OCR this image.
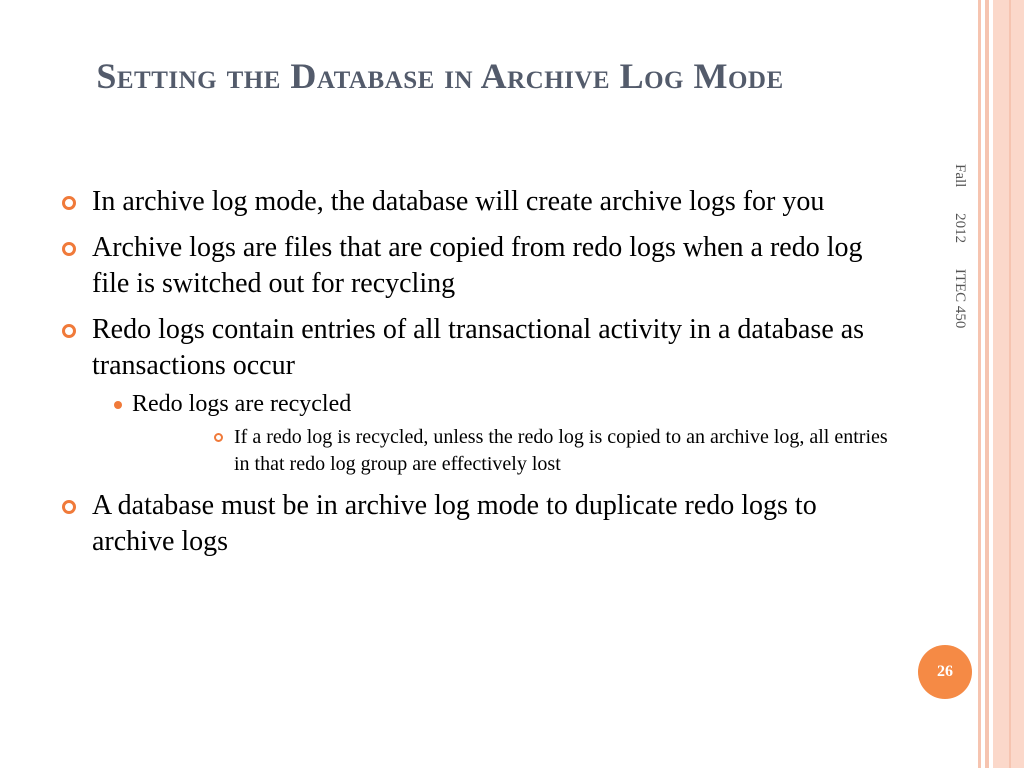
Setting the Database in Archive Log Mode
In archive log mode, the database will create archive logs for you
Archive logs are files that are copied from redo logs when a redo log file is switched out for recycling
Redo logs contain entries of all transactional activity in a database as transactions occur
Redo logs are recycled
If a redo log is recycled, unless the redo log is copied to an archive log, all entries in that redo log group are effectively lost
A database must be in archive log mode to duplicate redo logs to archive logs
Fall 2012 ITEC 450
26
